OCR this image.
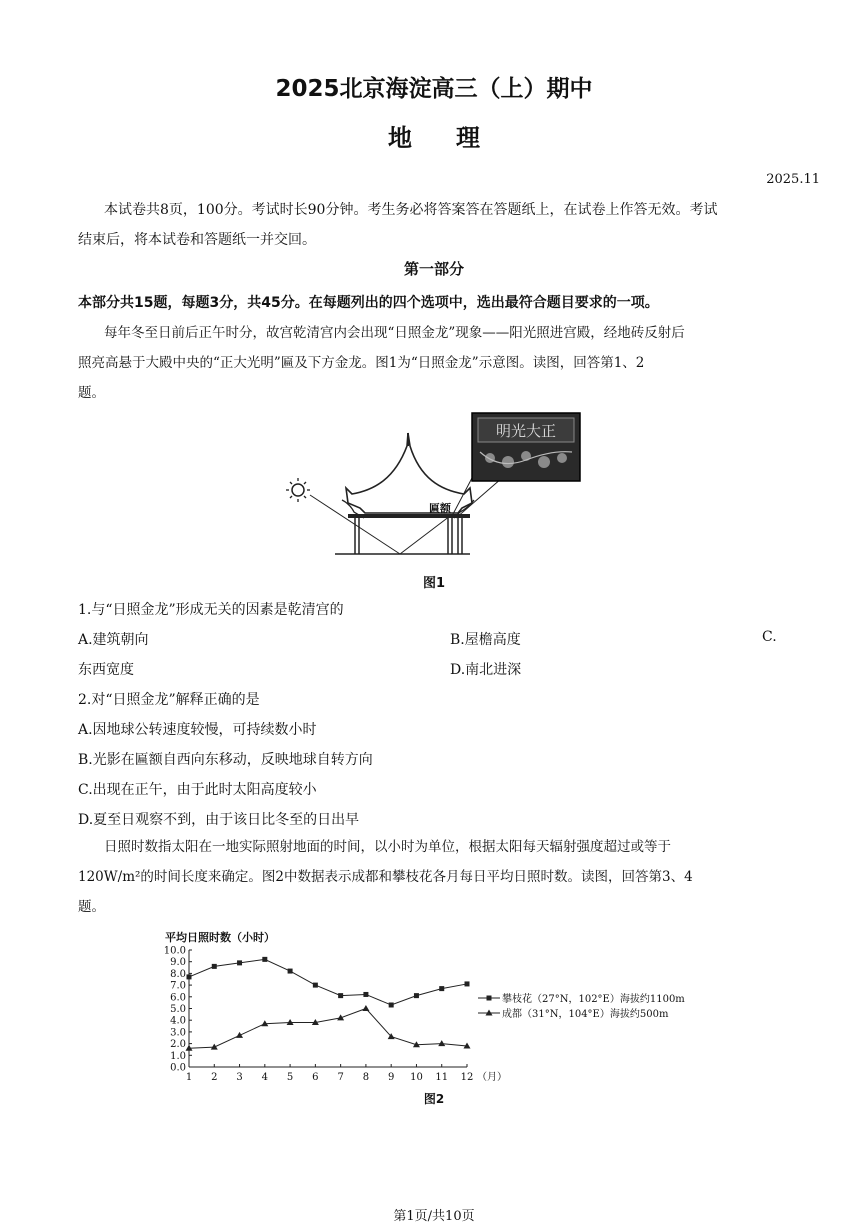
2025北京海淀高三（上）期中
地理
2025.11
本试卷共8页，100分。考试时长90分钟。考生务必将答案答在答题纸上，在试卷上作答无效。考试
结束后，将本试卷和答题纸一并交回。
第一部分
本部分共15题，每题3分，共45分。在每题列出的四个选项中，选出最符合题目要求的一项。
每年冬至日前后正午时分，故宫乾清宫内会出现“日照金龙”现象——阳光照进宫殿，经地砖反射后
照亮高悬于大殿中央的“正大光明”匾及下方金龙。图1为“日照金龙”示意图。读图，回答第1、2
题。
明光大正
匾额
图1
1.与“日照金龙”形成无关的因素是乾清宫的
A.建筑朝向	B.屋檐高度	C.
东西宽度	D.南北进深
2.对“日照金龙”解释正确的是
A.因地球公转速度较慢，可持续数小时
B.光影在匾额自西向东移动，反映地球自转方向
C.出现在正午，由于此时太阳高度较小
D.夏至日观察不到，由于该日比冬至的日出早
日照时数指太阳在一地实际照射地面的时间，以小时为单位，根据太阳每天辐射强度超过或等于
120W/m²的时间长度来确定。图2中数据表示成都和攀枝花各月每日平均日照时数。读图，回答第3、4
题。
平均日照时数（小时）
0.0
1.0
2.0
3.0
4.0
5.0
6.0
7.0
8.0
9.0
10.0
1 2 3 4 5 6 7 8 9 10 11 12 （月）
攀枝花（27°N，102°E）海拔约1100m
成都（31°N，104°E）海拔约500m
图2
第1页/共10页
